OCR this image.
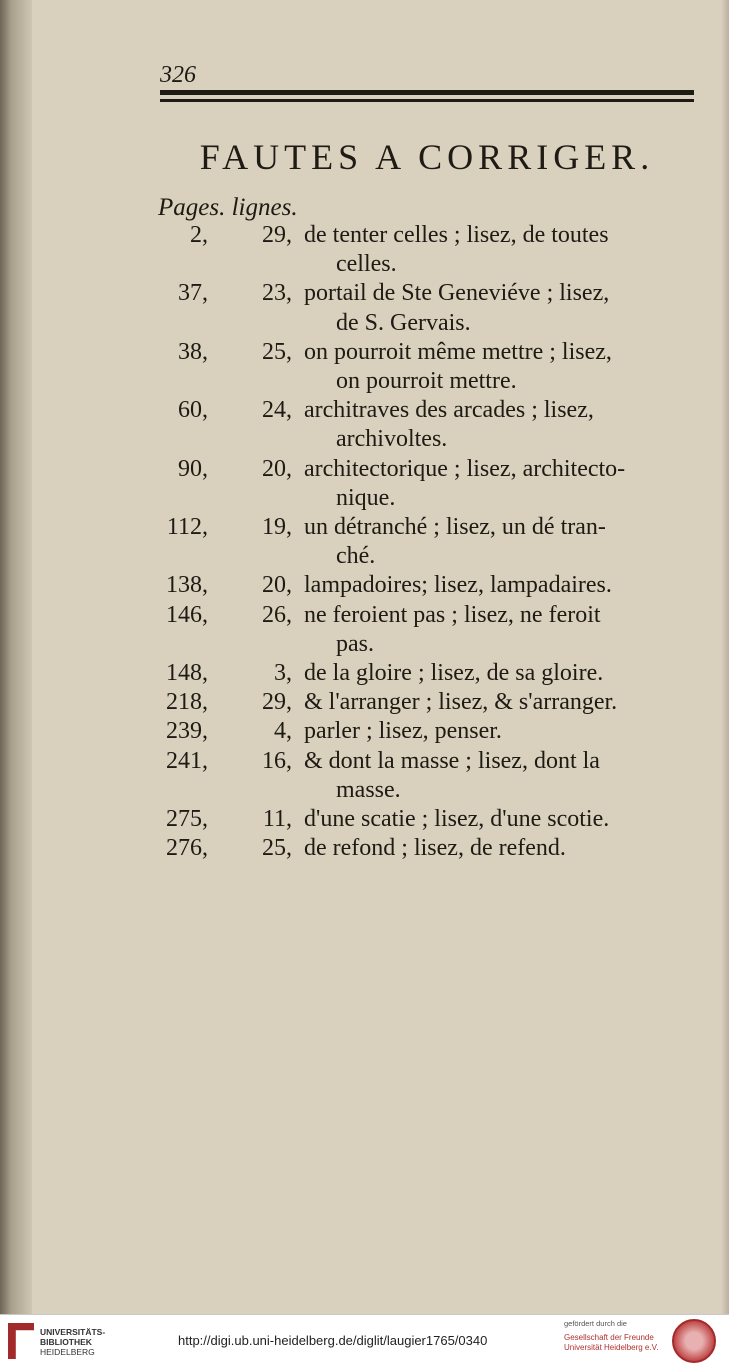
326
FAUTES A CORRIGER.
Pages. lignes.
2,	29, de tenter celles ; lisez, de toutes
celles.
37,	23, portail de Ste Geneviéve ; lisez,
de S. Gervais.
38,	25, on pourroit même mettre ; lisez,
on pourroit mettre.
60,	24, architraves des arcades ; lisez,
archivoltes.
90,	20, architectorique ; lisez, architecto-
nique.
112,	19, un détranché ; lisez, un dé tran-
ché.
138,	20, lampadoires; lisez, lampadaires.
146,	26, ne feroient pas ; lisez, ne feroit
pas.
148,	3, de la gloire ; lisez, de sa gloire.
218,	29, & l'arranger ; lisez, & s'arranger.
239,	4, parler ; lisez, penser.
241,	16, & dont la masse ; lisez, dont la
masse.
275,	11, d'une scatie ; lisez, d'une scotie.
276,	25, de refond ; lisez, de refend.
UNIVERSITÄTS-
BIBLIOTHEK
HEIDELBERG
http://digi.ub.uni-heidelberg.de/diglit/laugier1765/0340
gefördert durch die
Gesellschaft der Freunde
Universität Heidelberg e.V.
